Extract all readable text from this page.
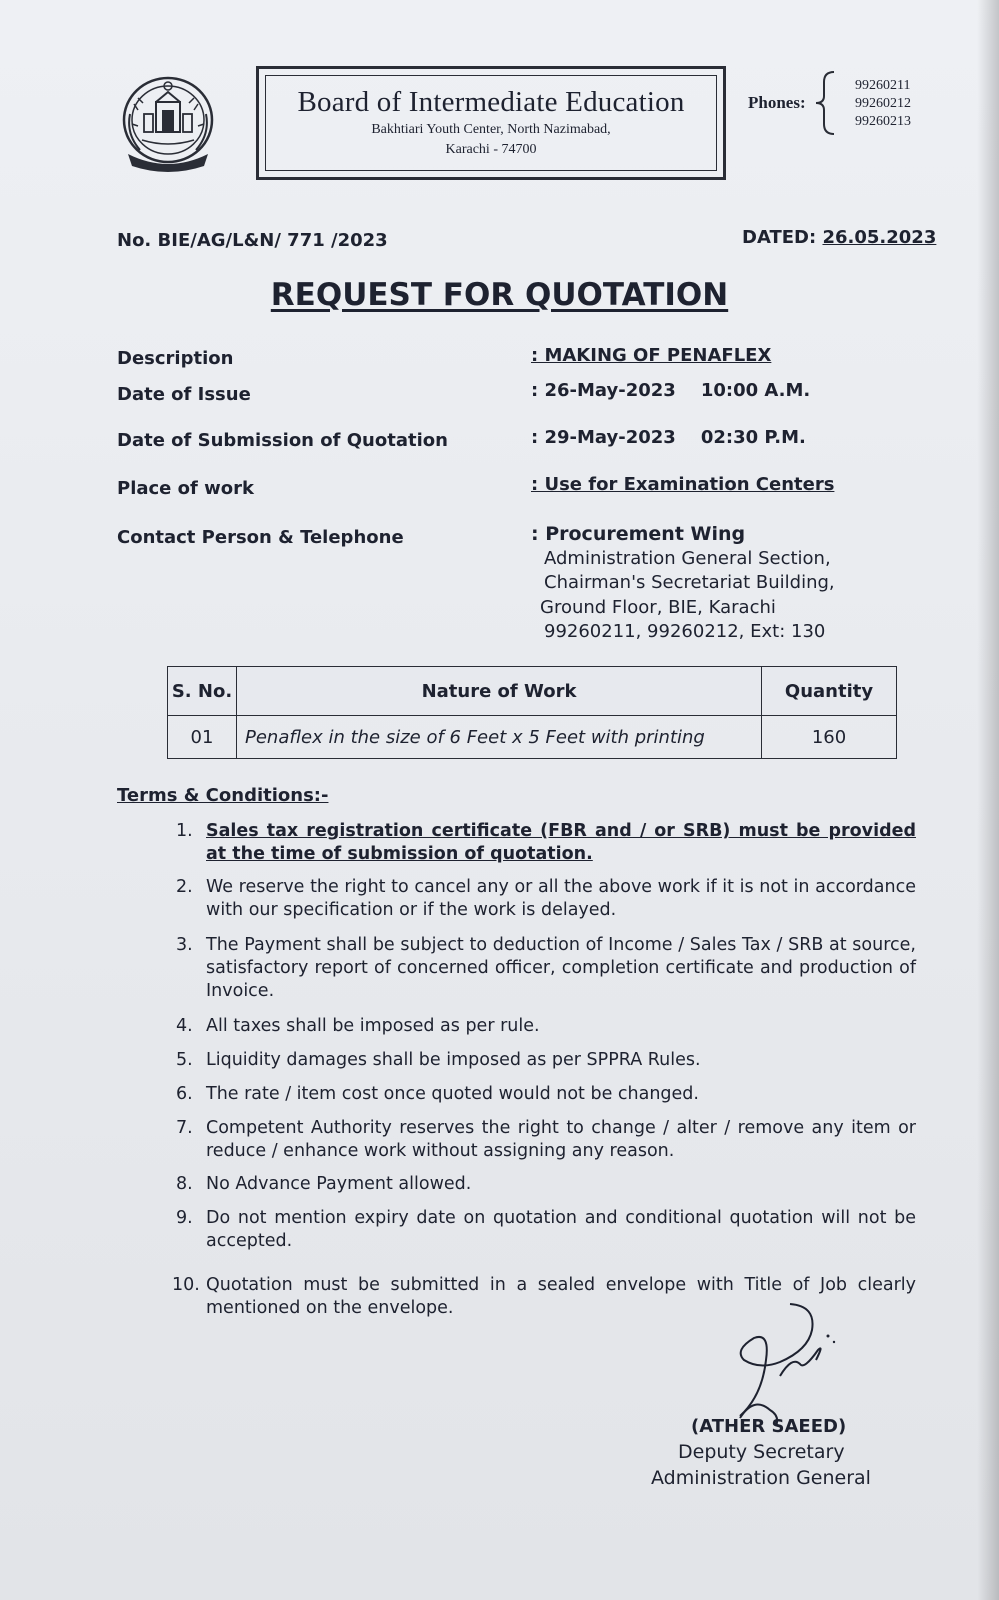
Board of Intermediate Education
Bakhtiari Youth Center, North Nazimabad,
Karachi - 74700
Phones:
99260211
99260212
99260213
No. BIE/AG/L&N/ 771 /2023	DATED: 26.05.2023
REQUEST FOR QUOTATION
Description	: MAKING OF PENAFLEX
Date of Issue	: 26-May-2023    10:00 A.M.
Date of Submission of Quotation	: 29-May-2023    02:30 P.M.
Place of work	: Use for Examination Centers
Contact Person & Telephone	: Procurement Wing
Administration General Section,
Chairman's Secretariat Building,
Ground Floor, BIE, Karachi
99260211, 99260212, Ext: 130
S. No.	Nature of Work	Quantity
01	Penaflex in the size of 6 Feet x 5 Feet with printing	160
Terms & Conditions:-
1. Sales tax registration certificate (FBR and / or SRB) must be provided at the time of submission of quotation.
2. We reserve the right to cancel any or all the above work if it is not in accordance with our specification or if the work is delayed.
3. The Payment shall be subject to deduction of Income / Sales Tax / SRB at source, satisfactory report of concerned officer, completion certificate and production of Invoice.
4. All taxes shall be imposed as per rule.
5. Liquidity damages shall be imposed as per SPPRA Rules.
6. The rate / item cost once quoted would not be changed.
7. Competent Authority reserves the right to change / alter / remove any item or reduce / enhance work without assigning any reason.
8. No Advance Payment allowed.
9. Do not mention expiry date on quotation and conditional quotation will not be accepted.
10. Quotation must be submitted in a sealed envelope with Title of Job clearly mentioned on the envelope.
(ATHER SAEED)
Deputy Secretary
Administration General
